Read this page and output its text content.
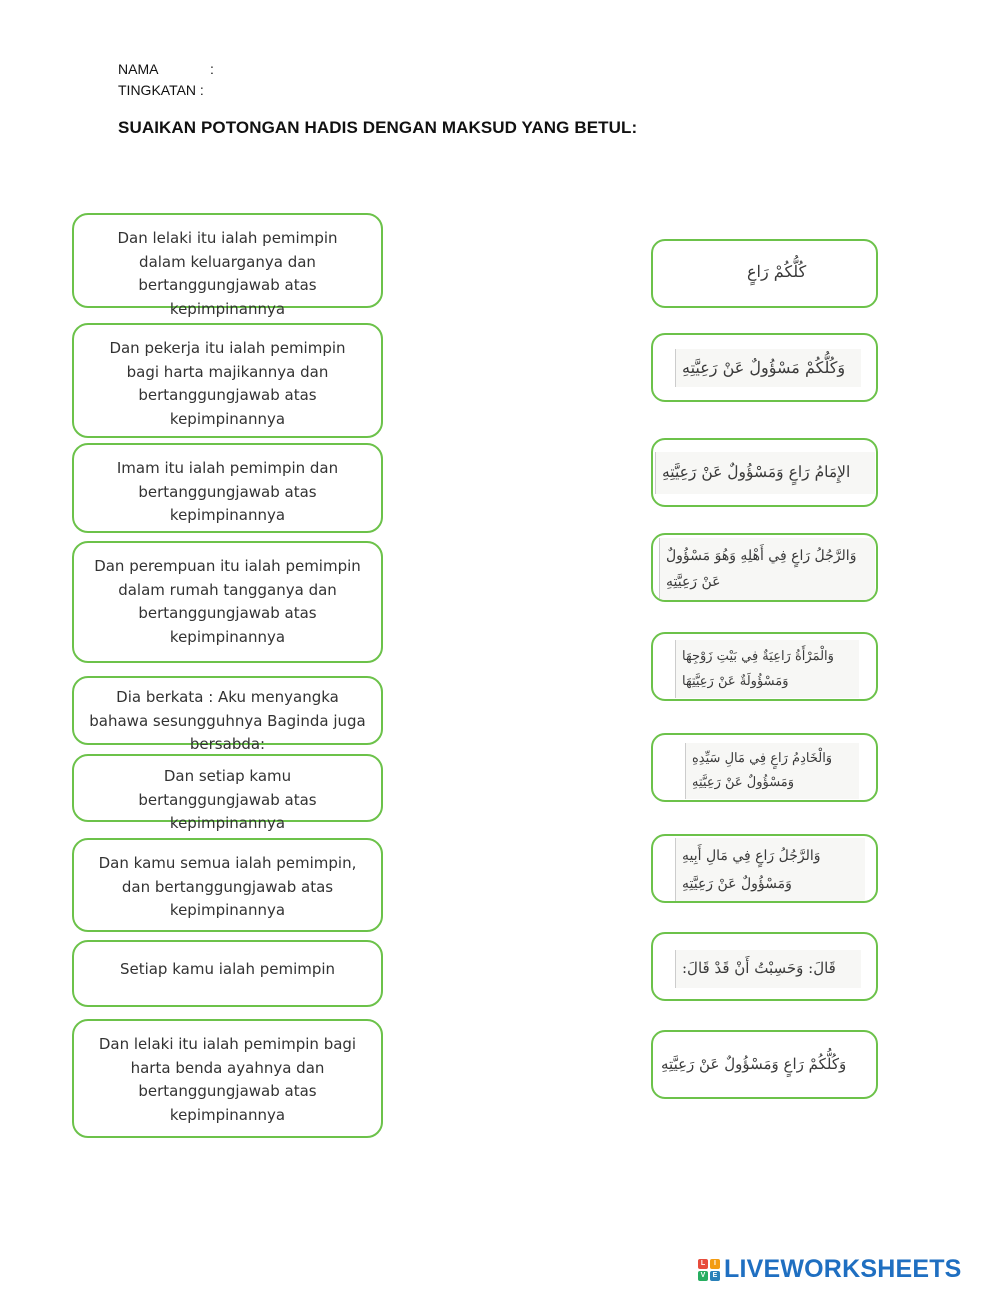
NAMA	:
TINGKATAN :
SUAIKAN POTONGAN HADIS DENGAN MAKSUD YANG BETUL:
Dan lelaki itu ialah pemimpin dalam keluarganya dan bertanggungjawab atas kepimpinannya
Dan pekerja itu ialah pemimpin bagi harta majikannya dan bertanggungjawab atas kepimpinannya
Imam itu ialah pemimpin dan bertanggungjawab atas kepimpinannya
Dan perempuan itu ialah pemimpin dalam rumah tangganya dan bertanggungjawab atas kepimpinannya
Dia berkata : Aku menyangka bahawa sesungguhnya Baginda juga bersabda:
Dan setiap kamu bertanggungjawab atas kepimpinannya
Dan kamu semua ialah pemimpin, dan bertanggungjawab atas kepimpinannya
Setiap kamu ialah pemimpin
Dan lelaki itu ialah pemimpin bagi harta benda ayahnya dan bertanggungjawab atas kepimpinannya
كُلُّكُمْ رَاعٍ
وَكُلُّكُمْ مَسْؤُولٌ عَنْ رَعِيَّتِهِ
الإِمَامُ رَاعٍ وَمَسْؤُولٌ عَنْ رَعِيَّتِهِ
وَالرَّجُلُ رَاعٍ فِي أَهْلِهِ وَهُوَ مَسْؤُولٌ
عَنْ رَعِيَّتِهِ
وَالْمَرْأَةُ رَاعِيَةٌ فِي بَيْتِ زَوْجِهَا
وَمَسْؤُولَةٌ عَنْ رَعِيَّتِهَا
وَالْخَادِمُ رَاعٍ فِي مَالِ سَيِّدِهِ
وَمَسْؤُولٌ عَنْ رَعِيَّتِهِ
وَالرَّجُلُ رَاعٍ فِي مَالِ أَبِيهِ
وَمَسْؤُولٌ عَنْ رَعِيَّتِهِ
قَالَ: وَحَسِبْتُ أَنْ قَدْ قَالَ:
وَكُلُّكُمْ رَاعٍ وَمَسْؤُولٌ عَنْ رَعِيَّتِهِ
L	I
V	E LIVEWORKSHEETS
